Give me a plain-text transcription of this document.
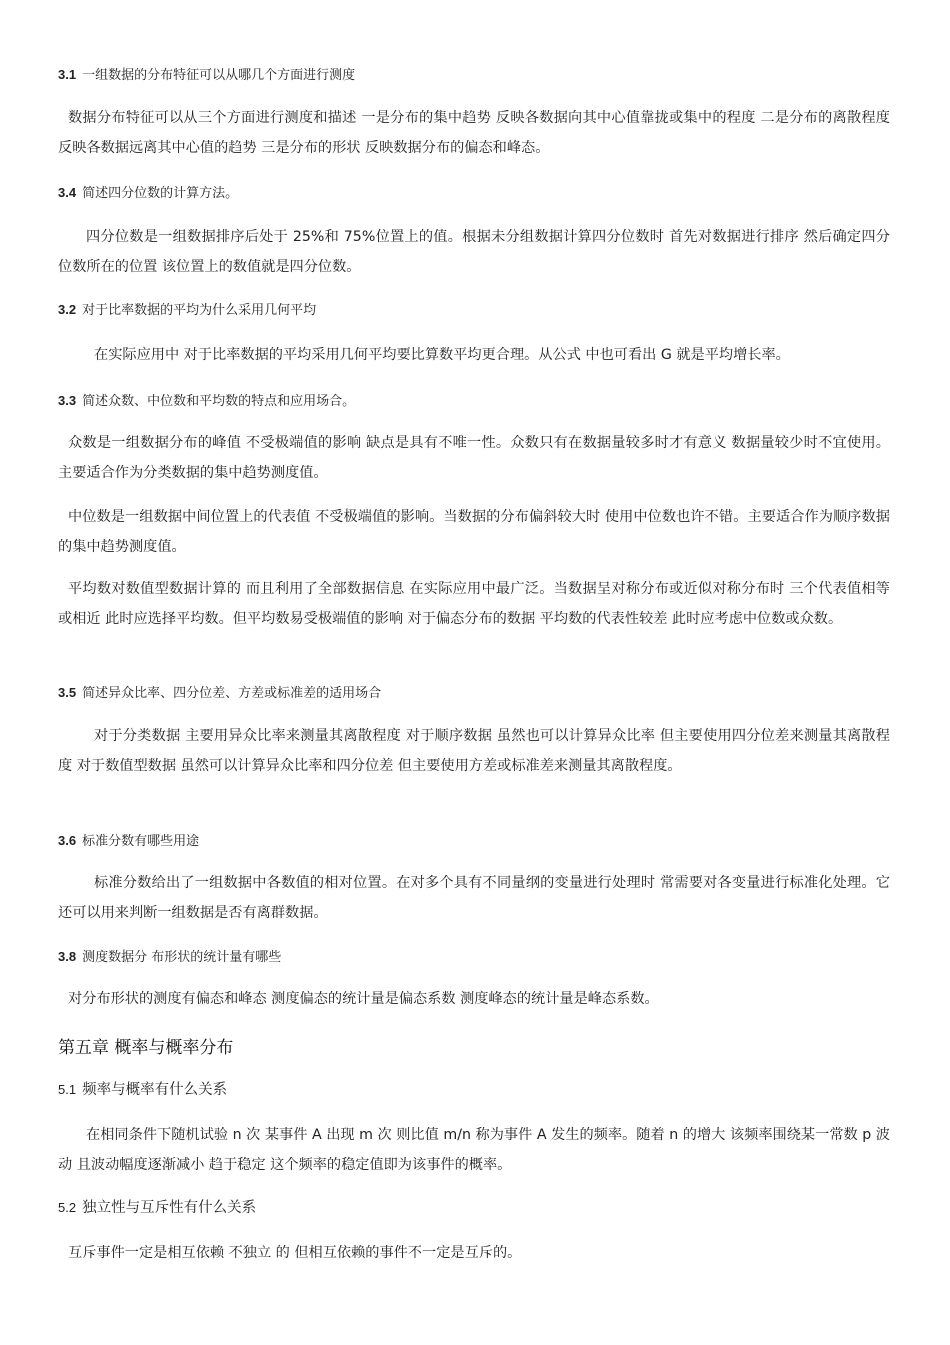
3.1 一组数据的分布特征可以从哪几个方面进行测度
数据分布特征可以从三个方面进行测度和描述 一是分布的集中趋势 反映各数据向其中心值靠拢或集中的程度 二是分布的离散程度 反映各数据远离其中心值的趋势 三是分布的形状 反映数据分布的偏态和峰态。
3.4 简述四分位数的计算方法。
四分位数是一组数据排序后处于 25%和 75%位置上的值。根据未分组数据计算四分位数时 首先对数据进行排序 然后确定四分位数所在的位置 该位置上的数值就是四分位数。
3.2 对于比率数据的平均为什么采用几何平均
在实际应用中 对于比率数据的平均采用几何平均要比算数平均更合理。从公式 中也可看出 G 就是平均增长率。
3.3 简述众数、中位数和平均数的特点和应用场合。
众数是一组数据分布的峰值 不受极端值的影响 缺点是具有不唯一性。众数只有在数据量较多时才有意义 数据量较少时不宜使用。主要适合作为分类数据的集中趋势测度值。
中位数是一组数据中间位置上的代表值 不受极端值的影响。当数据的分布偏斜较大时 使用中位数也许不错。主要适合作为顺序数据的集中趋势测度值。
平均数对数值型数据计算的 而且利用了全部数据信息 在实际应用中最广泛。当数据呈对称分布或近似对称分布时 三个代表值相等或相近 此时应选择平均数。但平均数易受极端值的影响 对于偏态分布的数据 平均数的代表性较差 此时应考虑中位数或众数。
3.5 简述异众比率、四分位差、方差或标准差的适用场合
对于分类数据 主要用异众比率来测量其离散程度 对于顺序数据 虽然也可以计算异众比率 但主要使用四分位差来测量其离散程度 对于数值型数据 虽然可以计算异众比率和四分位差 但主要使用方差或标准差来测量其离散程度。
3.6 标准分数有哪些用途
标准分数给出了一组数据中各数值的相对位置。在对多个具有不同量纲的变量进行处理时 常需要对各变量进行标准化处理。它还可以用来判断一组数据是否有离群数据。
3.8 测度数据分 布形状的统计量有哪些
对分布形状的测度有偏态和峰态 测度偏态的统计量是偏态系数 测度峰态的统计量是峰态系数。
第五章 概率与概率分布
5.1 频率与概率有什么关系
在相同条件下随机试验 n 次 某事件 A 出现 m 次 则比值 m/n 称为事件 A 发生的频率。随着 n 的增大 该频率围绕某一常数 p 波动 且波动幅度逐渐减小 趋于稳定 这个频率的稳定值即为该事件的概率。
5.2 独立性与互斥性有什么关系
互斥事件一定是相互依赖 不独立 的 但相互依赖的事件不一定是互斥的。
